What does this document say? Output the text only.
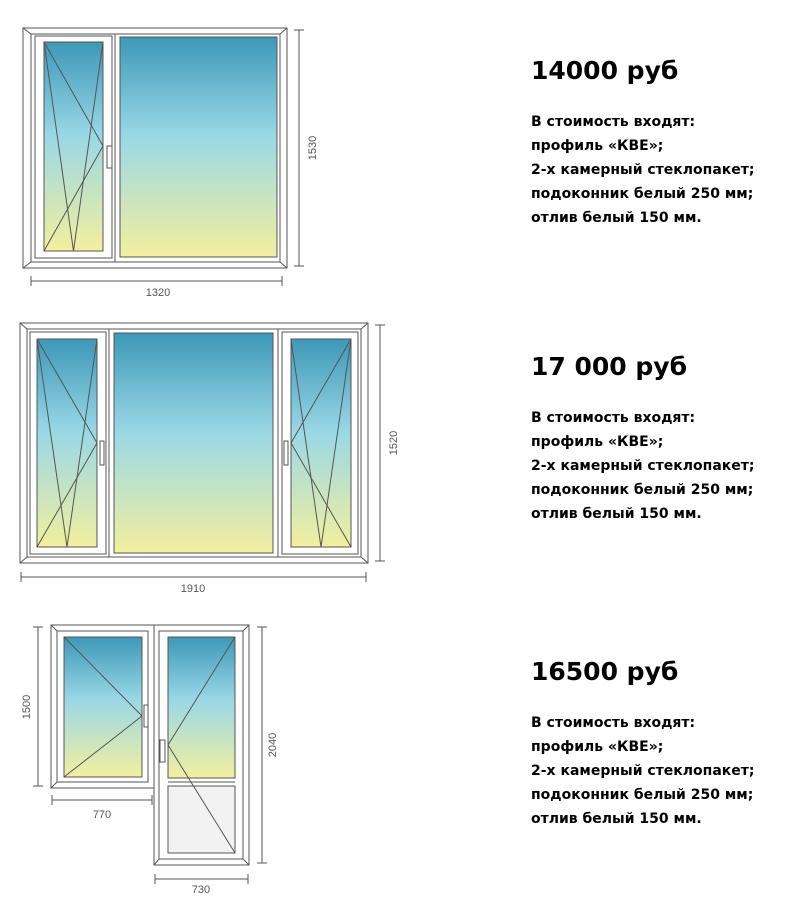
1320
1530
1910
1520
1500
770
2040
730
14000 руб
В стоимость входят:
профиль «КВЕ»;
2-х камерный стеклопакет;
подоконник белый 250 мм;
отлив белый 150 мм.
17 000 руб
В стоимость входят:
профиль «КВЕ»;
2-х камерный стеклопакет;
подоконник белый 250 мм;
отлив белый 150 мм.
16500 руб
В стоимость входят:
профиль «КВЕ»;
2-х камерный стеклопакет;
подоконник белый 250 мм;
отлив белый 150 мм.
